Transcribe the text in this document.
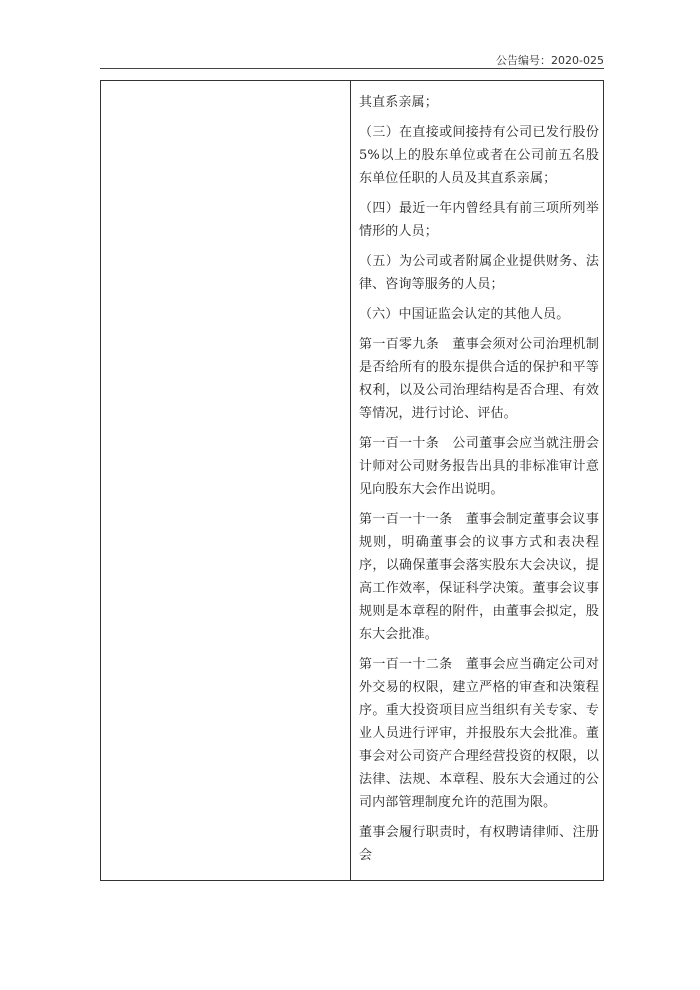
公告编号：2020-025

其直系亲属；

（三）在直接或间接持有公司已发行股份5%以上的股东单位或者在公司前五名股东单位任职的人员及其直系亲属；

（四）最近一年内曾经具有前三项所列举情形的人员；

（五）为公司或者附属企业提供财务、法律、咨询等服务的人员；

（六）中国证监会认定的其他人员。

第一百零九条　董事会须对公司治理机制是否给所有的股东提供合适的保护和平等权利，以及公司治理结构是否合理、有效等情况，进行讨论、评估。

第一百一十条　公司董事会应当就注册会计师对公司财务报告出具的非标准审计意见向股东大会作出说明。

第一百一十一条　董事会制定董事会议事规则，明确董事会的议事方式和表决程序，以确保董事会落实股东大会决议，提高工作效率，保证科学决策。董事会议事规则是本章程的附件，由董事会拟定，股东大会批准。

第一百一十二条　董事会应当确定公司对外交易的权限，建立严格的审查和决策程序。重大投资项目应当组织有关专家、专业人员进行评审，并报股东大会批准。董事会对公司资产合理经营投资的权限，以法律、法规、本章程、股东大会通过的公司内部管理制度允许的范围为限。

董事会履行职责时，有权聘请律师、注册会
